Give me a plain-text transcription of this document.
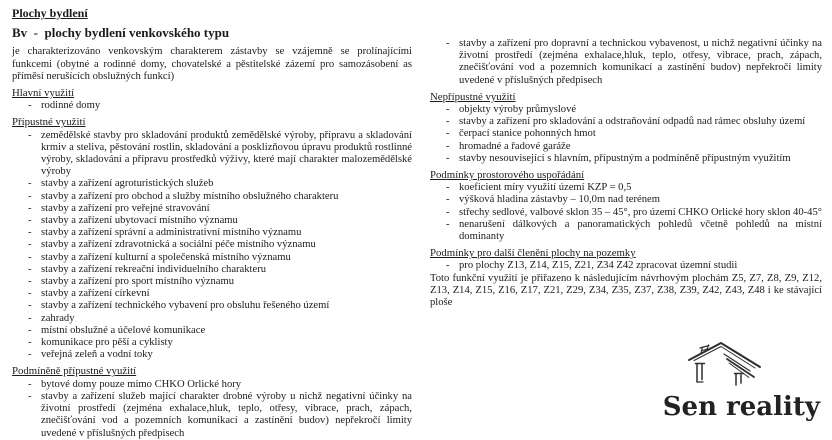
Plochy bydlení
Bv  -  plochy bydlení venkovského typu

je charakterizováno venkovským charakterem zástavby se vzájemně se prolínajícími funkcemi (obytné a rodinné domy, chovatelské a pěstitelské zázemí pro samozásobení as příměsí nerušících obslužných funkcí)

Hlavní využití
- rodinné domy
Přípustné využití
- zemědělské stavby pro skladování produktů zemědělské výroby, přípravu a skladování krmiv a steliva, pěstování rostlin, skladování a posklizňovou úpravu produktů rostlinné výroby, skladování a přípravu prostředků výživy, které mají charakter malozemědělské výroby
- stavby a zařízení agroturistických služeb
- stavby a zařízení pro obchod a služby místního obslužného charakteru
- stavby a zařízení pro veřejné stravování
- stavby a zařízení ubytovací místního významu
- stavby a zařízení správní a administrativní místního významu
- stavby a zařízení zdravotnická a sociální péče místního významu
- stavby a zařízení kulturní a společenská místního významu
- stavby a zařízení rekreační individuelního charakteru
- stavby a zařízení pro sport místního významu
- stavby a zařízení církevní
- stavby a zařízení technického vybavení pro obsluhu řešeného území
- zahrady
- místní obslužné a účelové komunikace
- komunikace pro pěší a cyklisty
- veřejná zeleň a vodní toky
Podmíněně přípustné využití
- bytové domy pouze mimo CHKO Orlické hory
- stavby a zařízení služeb mající charakter drobné výroby u nichž negativní účinky na životní prostředí (zejména exhalace,hluk, teplo, otřesy, vibrace, prach, zápach, znečišťování vod a pozemních komunikací a zastínění budov) nepřekročí limity uvedené v příslušných předpisech
- stavby a zařízení pro dopravní a technickou vybavenost, u nichž negativní účinky na životní prostředí (zejména exhalace,hluk, teplo, otřesy, vibrace, prach, zápach, znečišťování vod a pozemních komunikací a zastínění budov) nepřekročí limity uvedené v příslušných předpisech
Nepřípustné využití
- objekty výroby průmyslové
- stavby a zařízení pro skladování a odstraňování odpadů nad rámec obsluhy území
- čerpací stanice pohonných hmot
- hromadné a řadové garáže
- stavby nesouvisející s hlavním, přípustným a podmíněně přípustným využitím
Podmínky prostorového uspořádání
- koeficient míry využití území KZP = 0,5
- výšková hladina zástavby – 10,0m nad terénem
- střechy sedlové, valbové sklon 35 – 45°, pro území CHKO Orlické hory sklon 40-45°
- nenarušení dálkových a panoramatických pohledů včetně pohledů na místní dominanty
Podmínky pro další členění plochy na pozemky
- pro plochy Z13, Z14, Z15, Z21, Z34 Z42 zpracovat územní studii

Toto funkční využití je přiřazeno k následujícím návrhovým plochám Z5, Z7, Z8, Z9, Z12, Z13, Z14, Z15, Z16, Z17, Z21, Z29, Z34, Z35, Z37, Z38, Z39, Z42, Z43, Z48 i ke stávající ploše

Sen reality
